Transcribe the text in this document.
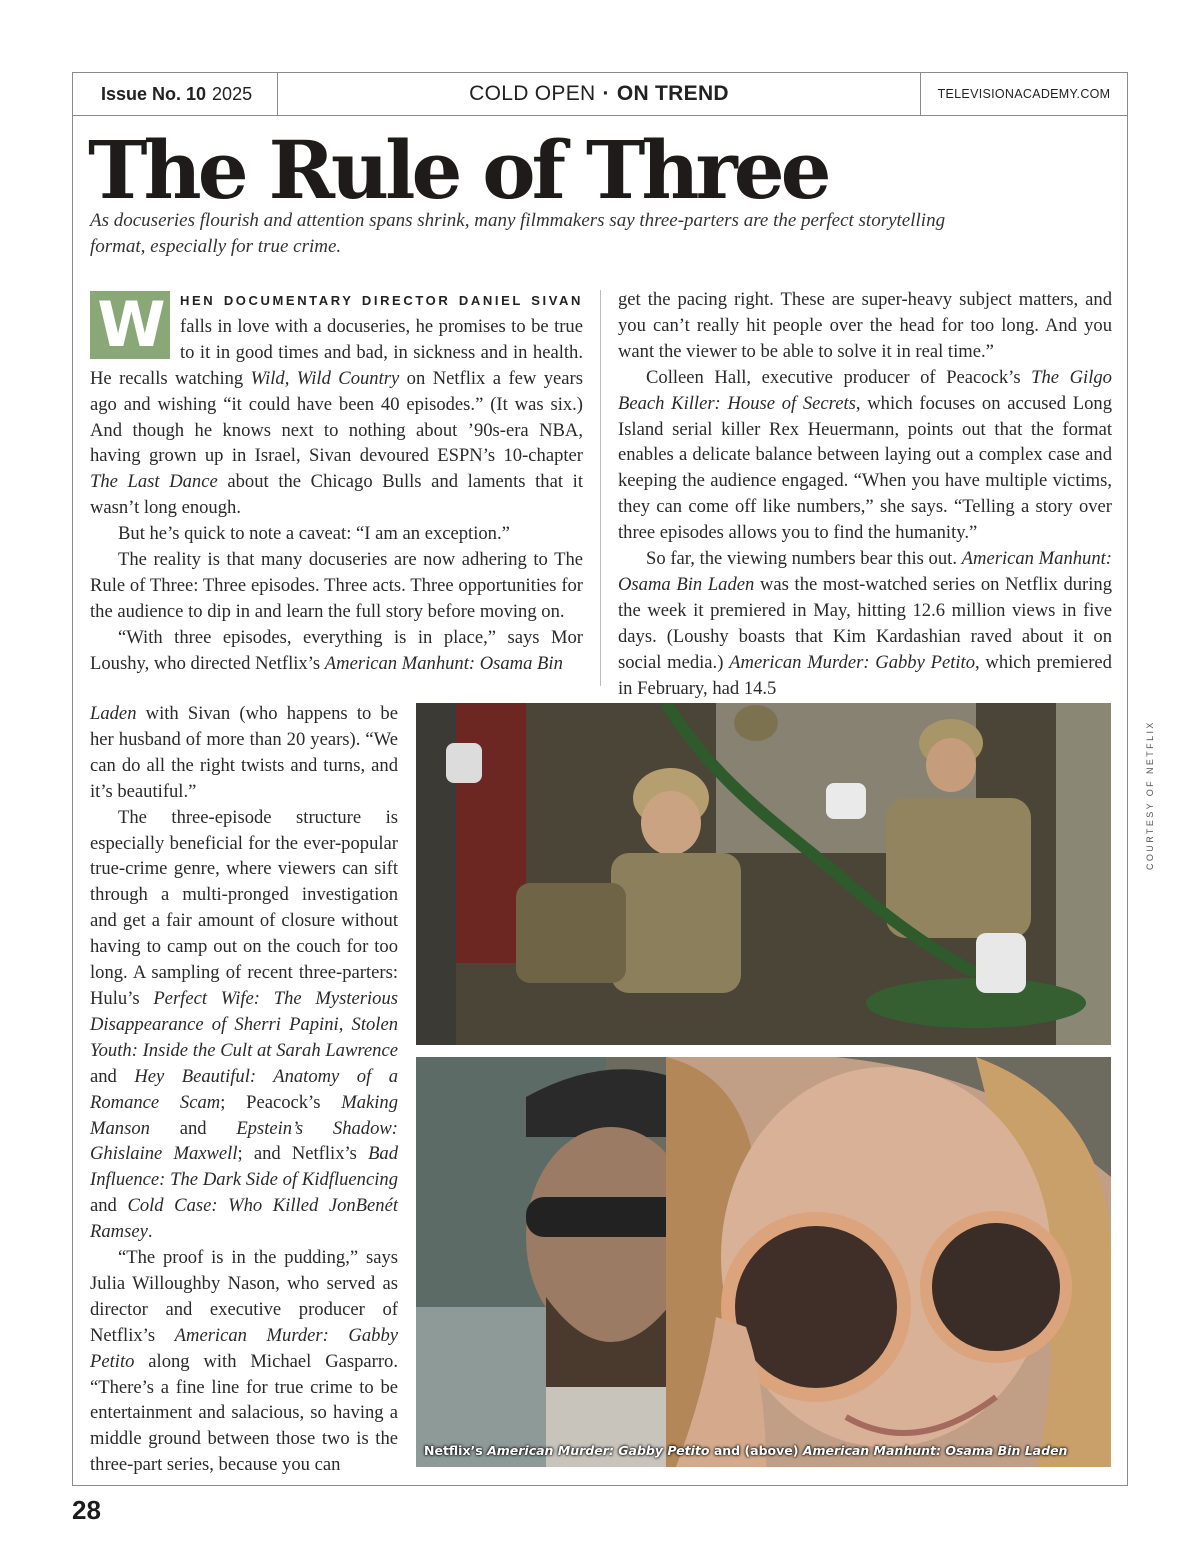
Issue No. 10 2025	COLD OPEN · ON TREND	TELEVISIONACADEMY.COM
The Rule of Three

As docuseries flourish and attention spans shrink, many filmmakers say three-parters are the perfect storytelling format, especially for true crime.

W	HEN DOCUMENTARY DIRECTOR DANIEL SIVAN falls in love with a docuseries, he promises to be true to it in good times and bad, in sickness and in health. He recalls watching Wild, Wild Country on Netflix a few years ago and wishing “it could have been 40 episodes.” (It was six.) And though he knows next to nothing about ’90s-era NBA, having grown up in Israel, Sivan devoured ESPN’s 10-chapter The Last Dance about the Chicago Bulls and laments that it wasn’t long enough.

But he’s quick to note a caveat: “I am an exception.”

The reality is that many docuseries are now adhering to The Rule of Three: Three episodes. Three acts. Three opportunities for the audience to dip in and learn the full story before moving on.

“With three episodes, everything is in place,” says Mor Loushy, who directed Netflix’s American Manhunt: Osama Bin

Laden with Sivan (who happens to be her husband of more than 20 years). “We can do all the right twists and turns, and it’s beautiful.”

The three-episode structure is especially beneficial for the ever-popular true-crime genre, where viewers can sift through a multi-pronged investigation and get a fair amount of closure without having to camp out on the couch for too long. A sampling of recent three-parters: Hulu’s Perfect Wife: The Mysterious Disappearance of Sherri Papini, Stolen Youth: Inside the Cult at Sarah Lawrence and Hey Beautiful: Anatomy of a Romance Scam; Peacock’s Making Manson and Epstein’s Shadow: Ghislaine Maxwell; and Netflix’s Bad Influence: The Dark Side of Kidfluencing and Cold Case: Who Killed JonBenét Ramsey.

“The proof is in the pudding,” says Julia Willoughby Nason, who served as director and executive producer of Netflix’s American Murder: Gabby Petito along with Michael Gasparro. “There’s a fine line for true crime to be entertainment and salacious, so having a middle ground between those two is the three-part series, because you can

get the pacing right. These are super-heavy subject matters, and you can’t really hit people over the head for too long. And you want the viewer to be able to solve it in real time.”

Colleen Hall, executive producer of Peacock’s The Gilgo Beach Killer: House of Secrets, which focuses on accused Long Island serial killer Rex Heuermann, points out that the format enables a delicate balance between laying out a complex case and keeping the audience engaged. “When you have multiple victims, they can come off like numbers,” she says. “Telling a story over three episodes allows you to find the humanity.”

So far, the viewing numbers bear this out. American Manhunt: Osama Bin Laden was the most-watched series on Netflix during the week it premiered in May, hitting 12.6 million views in five days. (Loushy boasts that Kim Kardashian raved about it on social media.) American Murder: Gabby Petito, which premiered in February, had 14.5

Netflix’s American Murder: Gabby Petito and (above) American Manhunt: Osama Bin Laden
COURTESY OF NETFLIX
28
